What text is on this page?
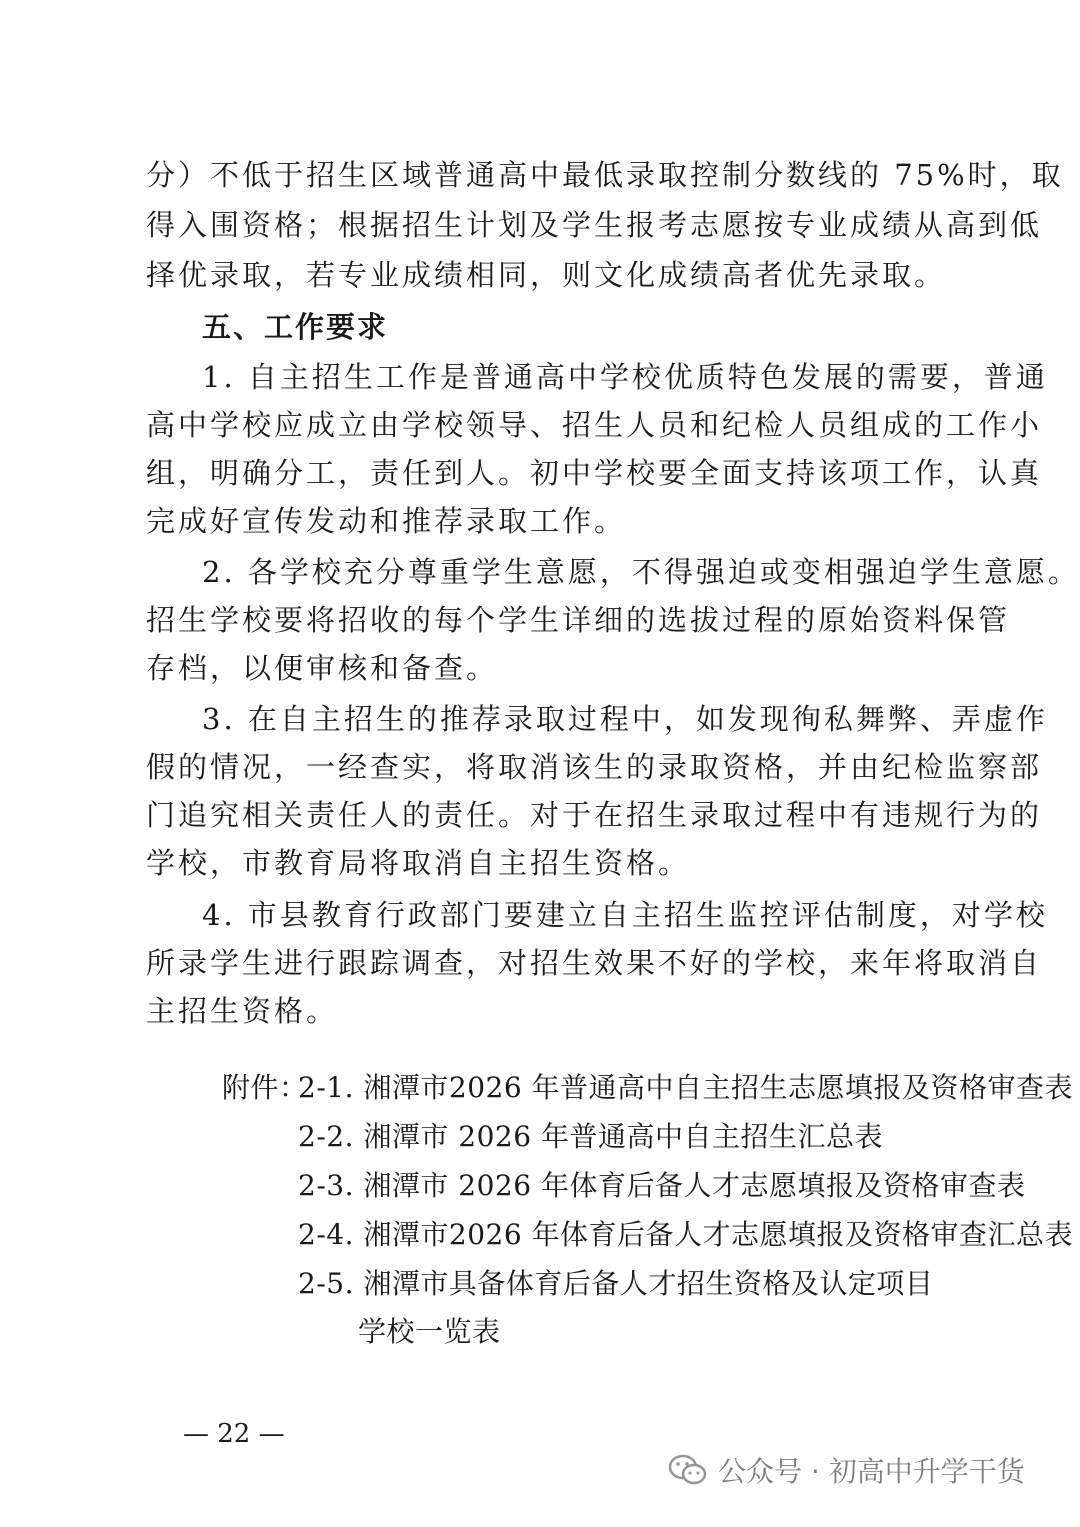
分）不低于招生区域普通高中最低录取控制分数线的 75%时，取
得入围资格；根据招生计划及学生报考志愿按专业成绩从高到低
择优录取，若专业成绩相同，则文化成绩高者优先录取。
五、工作要求
1. 自主招生工作是普通高中学校优质特色发展的需要，普通
高中学校应成立由学校领导、招生人员和纪检人员组成的工作小
组，明确分工，责任到人。初中学校要全面支持该项工作，认真
完成好宣传发动和推荐录取工作。
2. 各学校充分尊重学生意愿，不得强迫或变相强迫学生意愿。
招生学校要将招收的每个学生详细的选拔过程的原始资料保管
存档，以便审核和备查。
3. 在自主招生的推荐录取过程中，如发现徇私舞弊、弄虚作
假的情况，一经查实，将取消该生的录取资格，并由纪检监察部
门追究相关责任人的责任。对于在招生录取过程中有违规行为的
学校，市教育局将取消自主招生资格。
4. 市县教育行政部门要建立自主招生监控评估制度，对学校
所录学生进行跟踪调查，对招生效果不好的学校，来年将取消自
主招生资格。
附件：
2-1. 湘潭市2026 年普通高中自主招生志愿填报及资格审查表
2-2. 湘潭市 2026 年普通高中自主招生汇总表
2-3. 湘潭市 2026 年体育后备人才志愿填报及资格审查表
2-4. 湘潭市2026 年体育后备人才志愿填报及资格审查汇总表
2-5. 湘潭市具备体育后备人才招生资格及认定项目
学校一览表
— 22 —
公众号 · 初高中升学干货
